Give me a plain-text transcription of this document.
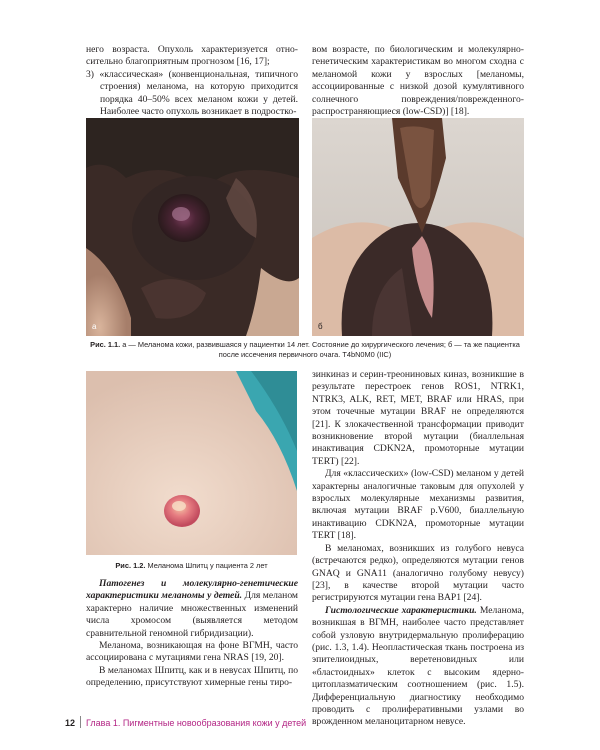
него возраста. Опухоль характеризуется отно-сительно благоприятным прогнозом [16, 17];

3) «классическая» (конвенциональная, типичного строения) меланома, на которую приходится порядка 40–50% всех меланом кожи у детей. Наиболее часто опухоль возникает в подростко-

вом возрасте, по биологическим и молекулярно-генетическим характеристикам во многом сходна с меланомой кожи у взрослых [меланомы, ассоциированные с низкой дозой кумулятивного солнечного повреждения/поврежденного-распространяющиеся (low-CSD)] [18].

а	б
Рис. 1.1. а — Меланома кожи, развившаяся у пациентки 14 лет. Состояние до хирургического лечения; б — та же пациентка после иссечения первичного очага. T4bN0M0 (IIC)
Рис. 1.2. Меланома Шпитц у пациента 2 лет

Патогенез и молекулярно-генетические характеристики меланомы у детей. Для меланом характерно наличие множественных изменений числа хромосом (выявляется методом сравнительной геномной гибридизации).

Меланома, возникающая на фоне ВГМН, часто ассоциирована с мутациями гена NRAS [19, 20].

В меланомах Шпитц, как и в невусах Шпитц, по определению, присутствуют химерные гены тиро-

зинкиназ и серин-треониновых киназ, возникшие в результате перестроек генов ROS1, NTRK1, NTRK3, ALK, RET, MET, BRAF или HRAS, при этом точечные мутации BRAF не определяются [21]. К злокачественной трансформации приводит возникновение второй мутации (биаллельная инактивация CDKN2A, промоторные мутации TERT) [22].

Для «классических» (low-CSD) меланом у детей характерны аналогичные таковым для опухолей у взрослых молекулярные механизмы развития, включая мутации BRAF p.V600, биаллельную инактивацию CDKN2A, промоторные мутации TERT [18].

В меланомах, возникших из голубого невуса (встречаются редко), определяются мутации генов GNAQ и GNA11 (аналогично голубому невусу) [23], в качестве второй мутации часто регистрируются мутации гена BAP1 [24].

Гистологические характеристики. Меланома, возникшая в ВГМН, наиболее часто представляет собой узловую внутридермальную пролиферацию (рис. 1.3, 1.4). Неопластическая ткань построена из эпителиоидных, веретеновидных или «бластоидных» клеток с высоким ядерно-цитоплазматическим соотношением (рис. 1.5). Дифференциальную диагностику необходимо проводить с пролиферативными узлами во врожденном меланоцитарном невусе.

12 Глава 1. Пигментные новообразования кожи у детей
